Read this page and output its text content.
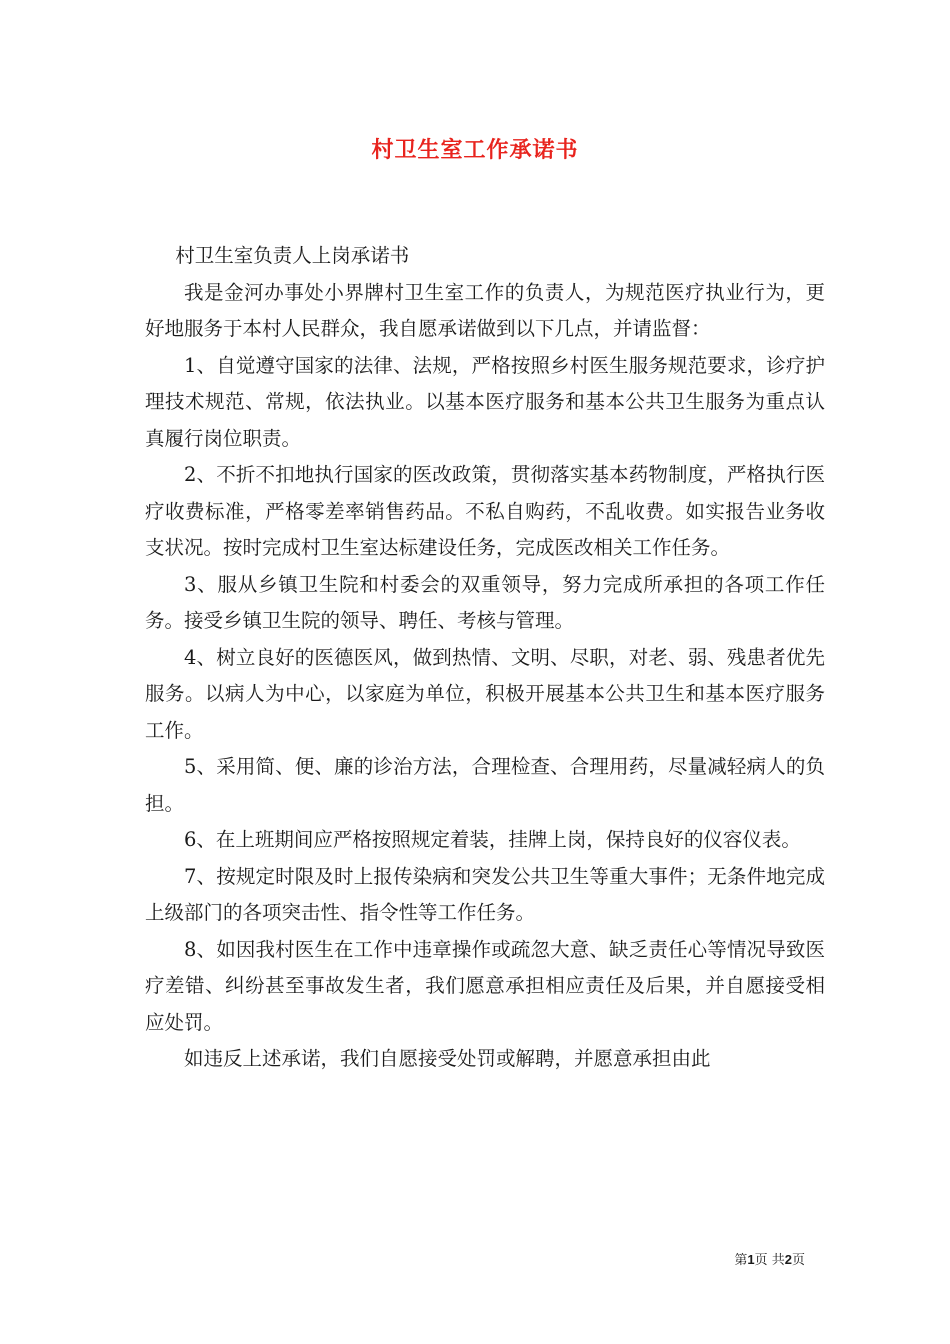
村卫生室工作承诺书

村卫生室负责人上岗承诺书

我是金河办事处小界牌村卫生室工作的负责人，为规范医疗执业行为，更好地服务于本村人民群众，我自愿承诺做到以下几点，并请监督：

1、自觉遵守国家的法律、法规，严格按照乡村医生服务规范要求，诊疗护理技术规范、常规，依法执业。以基本医疗服务和基本公共卫生服务为重点认真履行岗位职责。

2、不折不扣地执行国家的医改政策，贯彻落实基本药物制度，严格执行医疗收费标准，严格零差率销售药品。不私自购药，不乱收费。如实报告业务收支状况。按时完成村卫生室达标建设任务，完成医改相关工作任务。

3、服从乡镇卫生院和村委会的双重领导，努力完成所承担的各项工作任务。接受乡镇卫生院的领导、聘任、考核与管理。

4、树立良好的医德医风，做到热情、文明、尽职，对老、弱、残患者优先服务。以病人为中心，以家庭为单位，积极开展基本公共卫生和基本医疗服务工作。

5、采用简、便、廉的诊治方法，合理检查、合理用药，尽量减轻病人的负担。

6、在上班期间应严格按照规定着装，挂牌上岗，保持良好的仪容仪表。

7、按规定时限及时上报传染病和突发公共卫生等重大事件；无条件地完成上级部门的各项突击性、指令性等工作任务。

8、如因我村医生在工作中违章操作或疏忽大意、缺乏责任心等情况导致医疗差错、纠纷甚至事故发生者，我们愿意承担相应责任及后果，并自愿接受相应处罚。

如违反上述承诺，我们自愿接受处罚或解聘，并愿意承担由此

第1页 共2页
